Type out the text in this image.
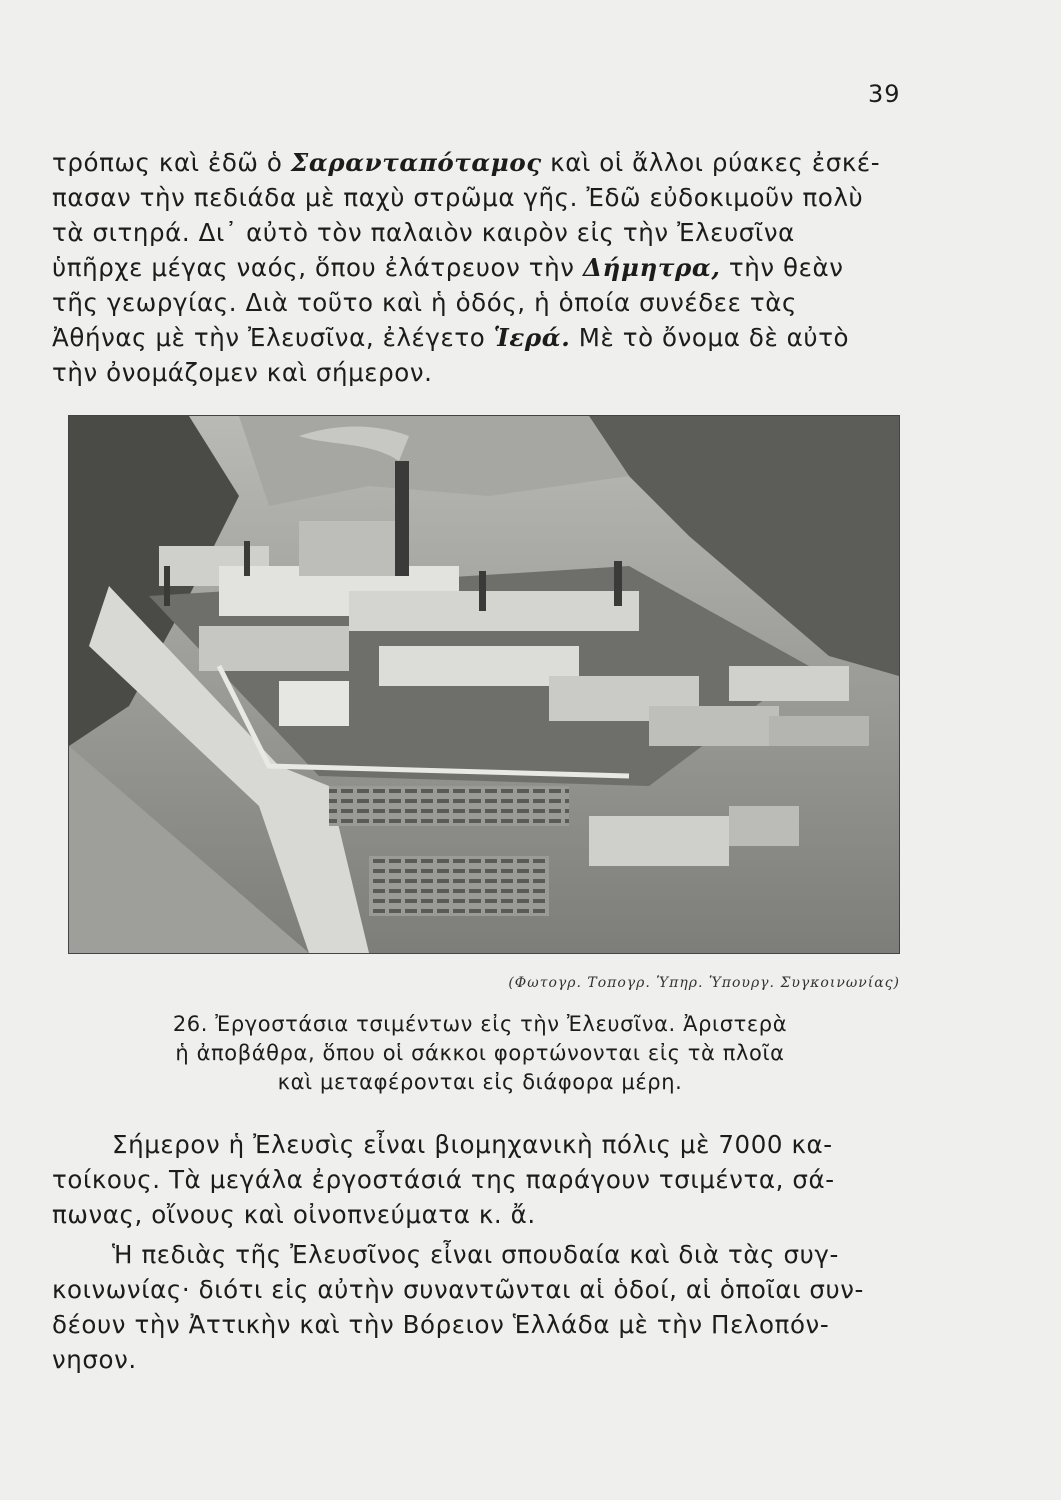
39

τρόπως καὶ ἐδῶ ὁ Σαρανταπόταμος καὶ οἱ ἄλλοι ρύακες ἐσκέ-
πασαν τὴν πεδιάδα μὲ παχὺ στρῶμα γῆς. Ἐδῶ εὐδοκιμοῦν πολὺ
τὰ σιτηρά. Δι᾿ αὐτὸ τὸν παλαιὸν καιρὸν εἰς τὴν Ἐλευσῖνα
ὑπῆρχε μέγας ναός, ὅπου ἐλάτρευον τὴν Δήμητρα, τὴν θεὰν
τῆς γεωργίας. Διὰ τοῦτο καὶ ἡ ὁδός, ἡ ὁποία συνέδεε τὰς
Ἀθήνας μὲ τὴν Ἐλευσῖνα, ἐλέγετο Ἱερά. Μὲ τὸ ὄνομα δὲ αὐτὸ
τὴν ὀνομάζομεν καὶ σήμερον.

(Φωτογρ. Τοπογρ. Ὑπηρ. Ὑπουργ. Συγκοινωνίας)
26. Ἐργοστάσια τσιμέντων εἰς τὴν Ἐλευσῖνα. Ἀριστερὰ
ἡ ἀποβάθρα, ὅπου οἱ σάκκοι φορτώνονται εἰς τὰ πλοῖα
καὶ μεταφέρονται εἰς διάφορα μέρη.

Σήμερον ἡ Ἐλευσὶς εἶναι βιομηχανικὴ πόλις μὲ 7000 κα-
τοίκους. Τὰ μεγάλα ἐργοστάσιά της παράγουν τσιμέντα, σά-
πωνας, οἴνους καὶ οἰνοπνεύματα κ. ἄ.

Ἡ πεδιὰς τῆς Ἐλευσῖνος εἶναι σπουδαία καὶ διὰ τὰς συγ-
κοινωνίας· διότι εἰς αὐτὴν συναντῶνται αἱ ὁδοί, αἱ ὁποῖαι συν-
δέουν τὴν Ἀττικὴν καὶ τὴν Βόρειον Ἑλλάδα μὲ τὴν Πελοπόν-
νησον.
